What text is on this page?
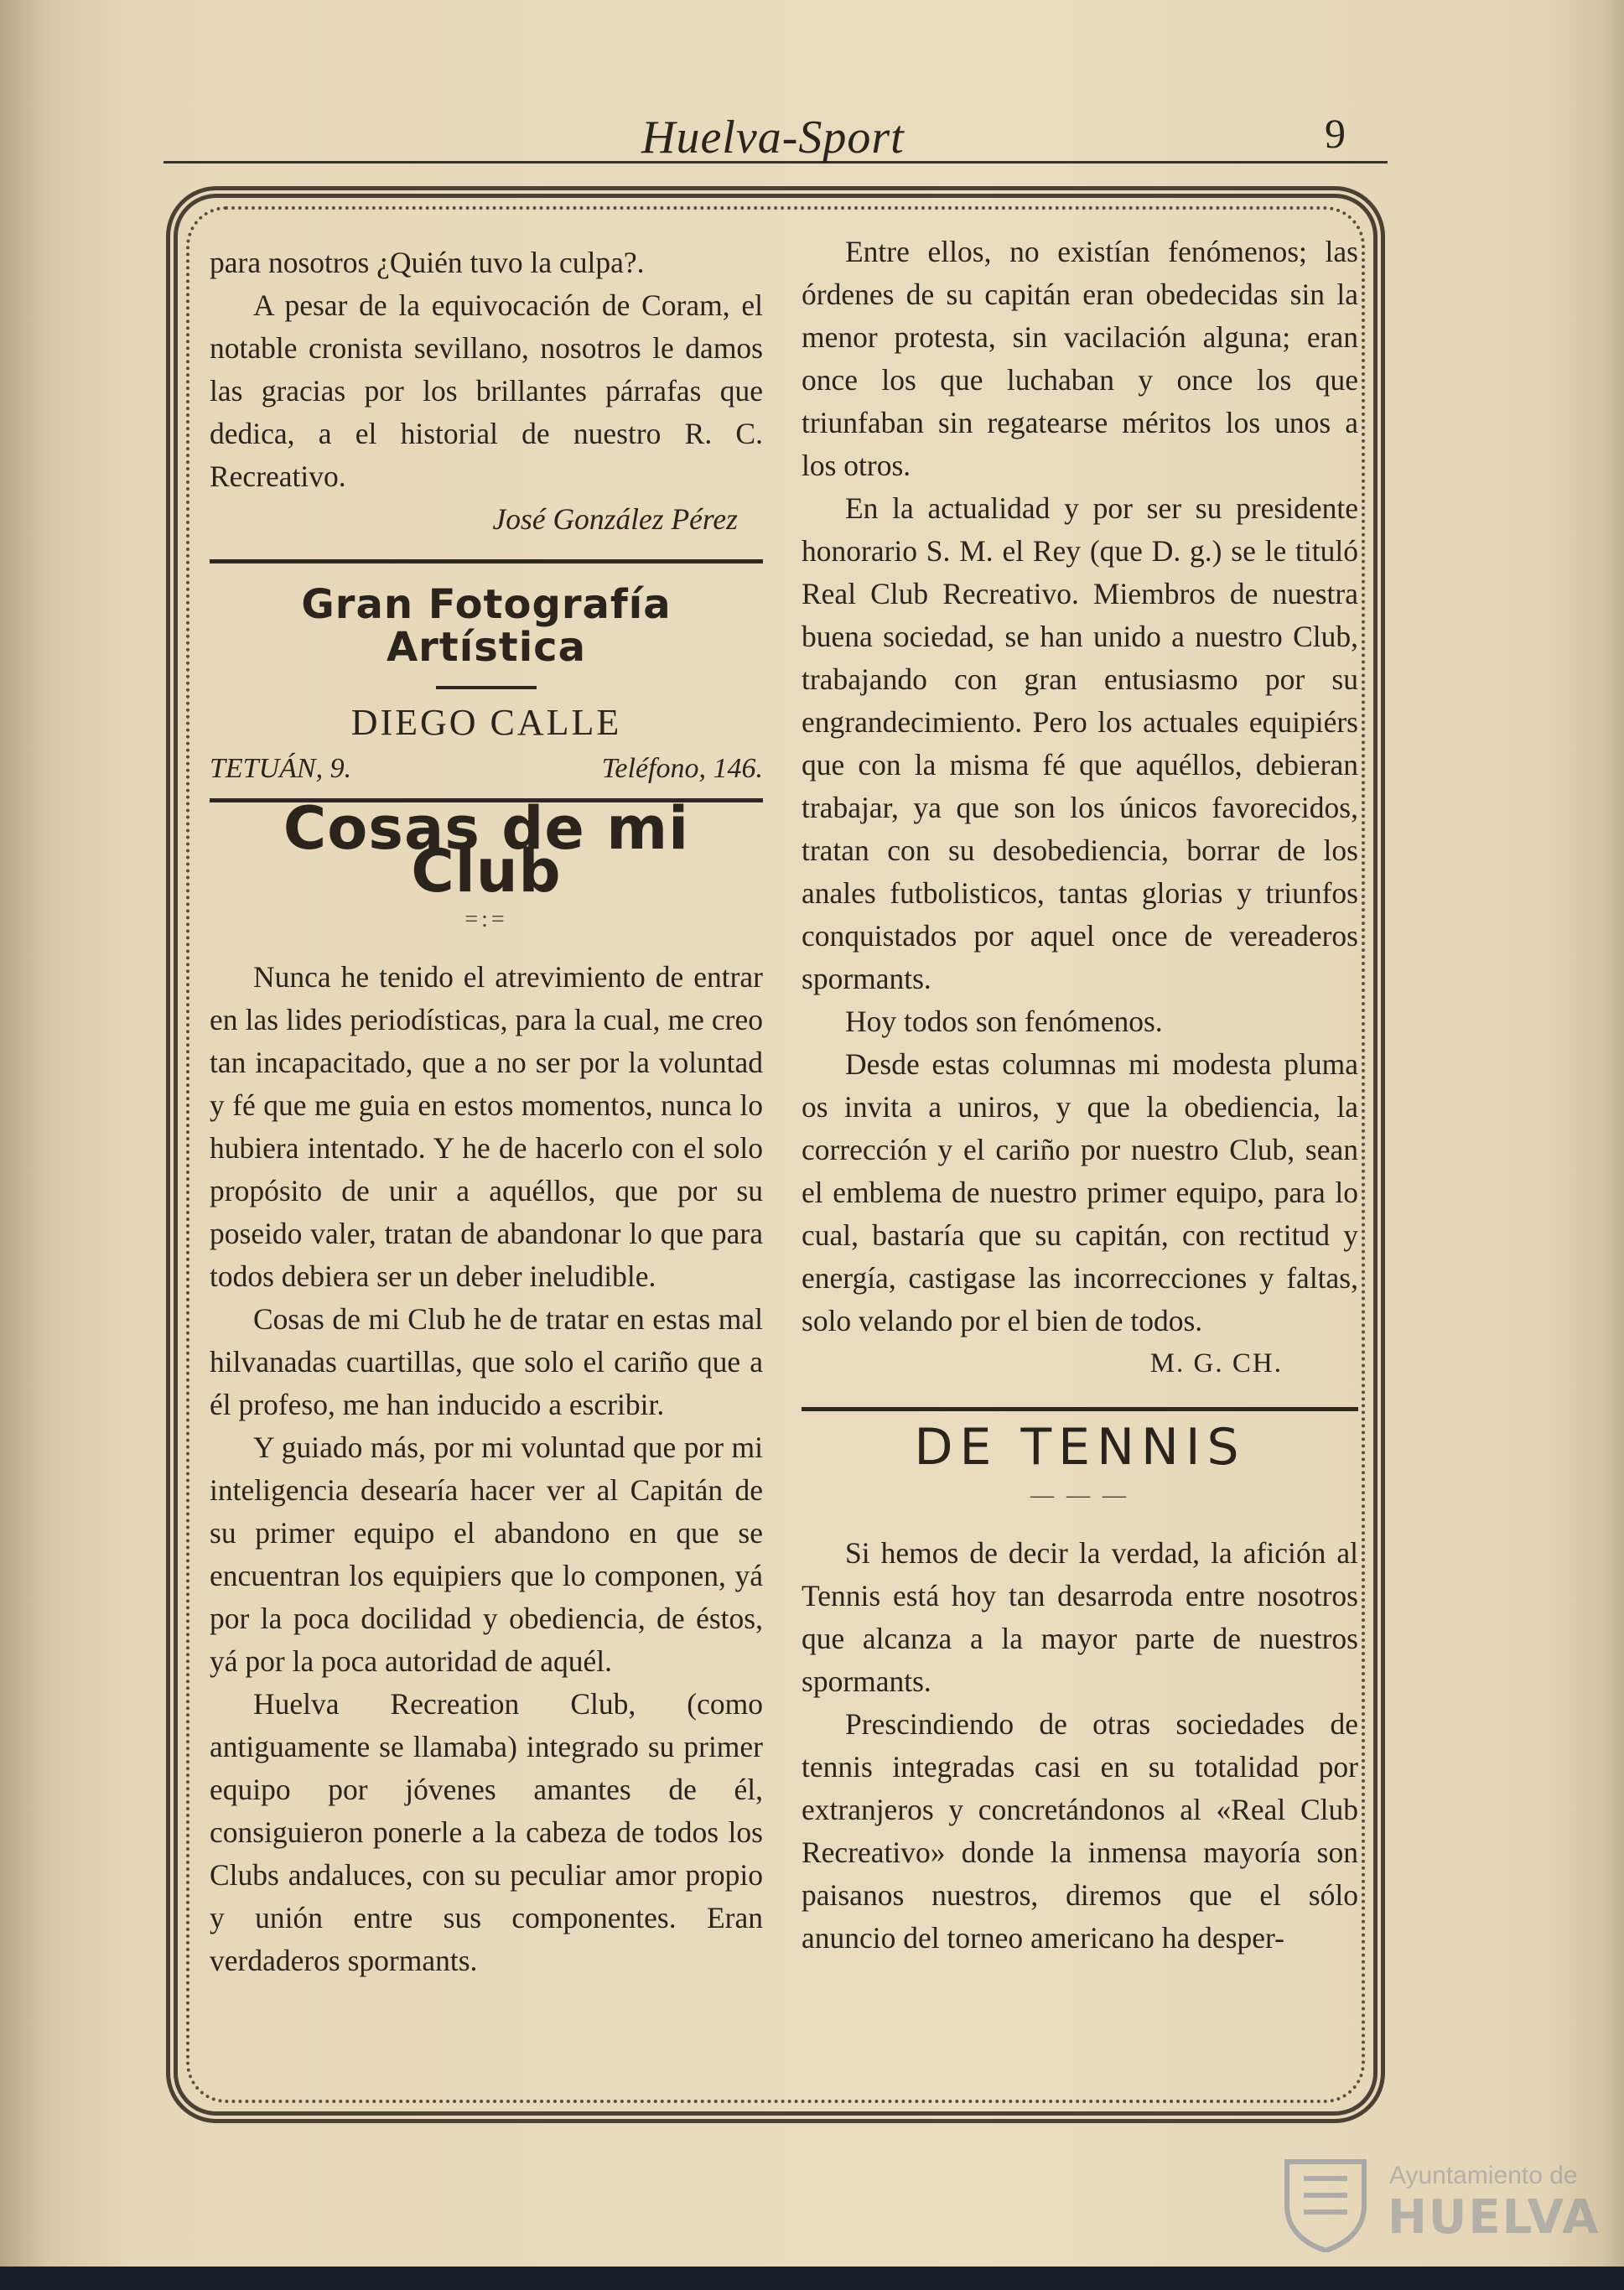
Huelva-Sport	9

para nosotros ¿Quién tuvo la culpa?.

A pesar de la equivocación de Coram, el notable cronista sevillano, nosotros le damos las gracias por los brillantes párrafas que dedica, a el historial de nuestro R. C. Recreativo.

José González Pérez
Gran Fotografía Artística
DIEGO CALLE
TETUÁN, 9.	Teléfono, 146.
Cosas de mi Club
=:=

Nunca he tenido el atrevimiento de entrar en las lides periodísticas, para la cual, me creo tan incapacitado, que a no ser por la voluntad y fé que me guia en estos momentos, nunca lo hubiera intentado. Y he de hacerlo con el solo propósito de unir a aquéllos, que por su poseido valer, tratan de abandonar lo que para todos debiera ser un deber ineludible.

Cosas de mi Club he de tratar en estas mal hilvanadas cuartillas, que solo el cariño que a él profeso, me han inducido a escribir.

Y guiado más, por mi voluntad que por mi inteligencia desearía hacer ver al Capitán de su primer equipo el abandono en que se encuentran los equipiers que lo componen, yá por la poca docilidad y obediencia, de éstos, yá por la poca autoridad de aquél.

Huelva Recreation Club, (como antiguamente se llamaba) integrado su primer equipo por jóvenes amantes de él, consiguieron ponerle a la cabeza de todos los Clubs andaluces, con su peculiar amor propio y unión entre sus componentes. Eran verdaderos spormants.

Entre ellos, no existían fenómenos; las órdenes de su capitán eran obedecidas sin la menor protesta, sin vacilación alguna; eran once los que luchaban y once los que triunfaban sin regatearse méritos los unos a los otros.

En la actualidad y por ser su presidente honorario S. M. el Rey (que D. g.) se le tituló Real Club Recreativo. Miembros de nuestra buena sociedad, se han unido a nuestro Club, trabajando con gran entusiasmo por su engrandecimiento. Pero los actuales equipiérs que con la misma fé que aquéllos, debieran trabajar, ya que son los únicos favorecidos, tratan con su desobediencia, borrar de los anales futbolisticos, tantas glorias y triunfos conquistados por aquel once de vereaderos spormants.

Hoy todos son fenómenos.

Desde estas columnas mi modesta pluma os invita a uniros, y que la obediencia, la corrección y el cariño por nuestro Club, sean el emblema de nuestro primer equipo, para lo cual, bastaría que su capitán, con rectitud y energía, castigase las incorrecciones y faltas, solo velando por el bien de todos.

M. G. CH.
DE TENNIS
— — —

Si hemos de decir la verdad, la afición al Tennis está hoy tan desarroda entre nosotros que alcanza a la mayor parte de nuestros spormants.

Prescindiendo de otras sociedades de tennis integradas casi en su totalidad por extranjeros y concretándonos al «Real Club Recreativo» donde la inmensa mayoría son paisanos nuestros, diremos que el sólo anuncio del torneo americano ha desper-

Ayuntamiento de
HUELVA
